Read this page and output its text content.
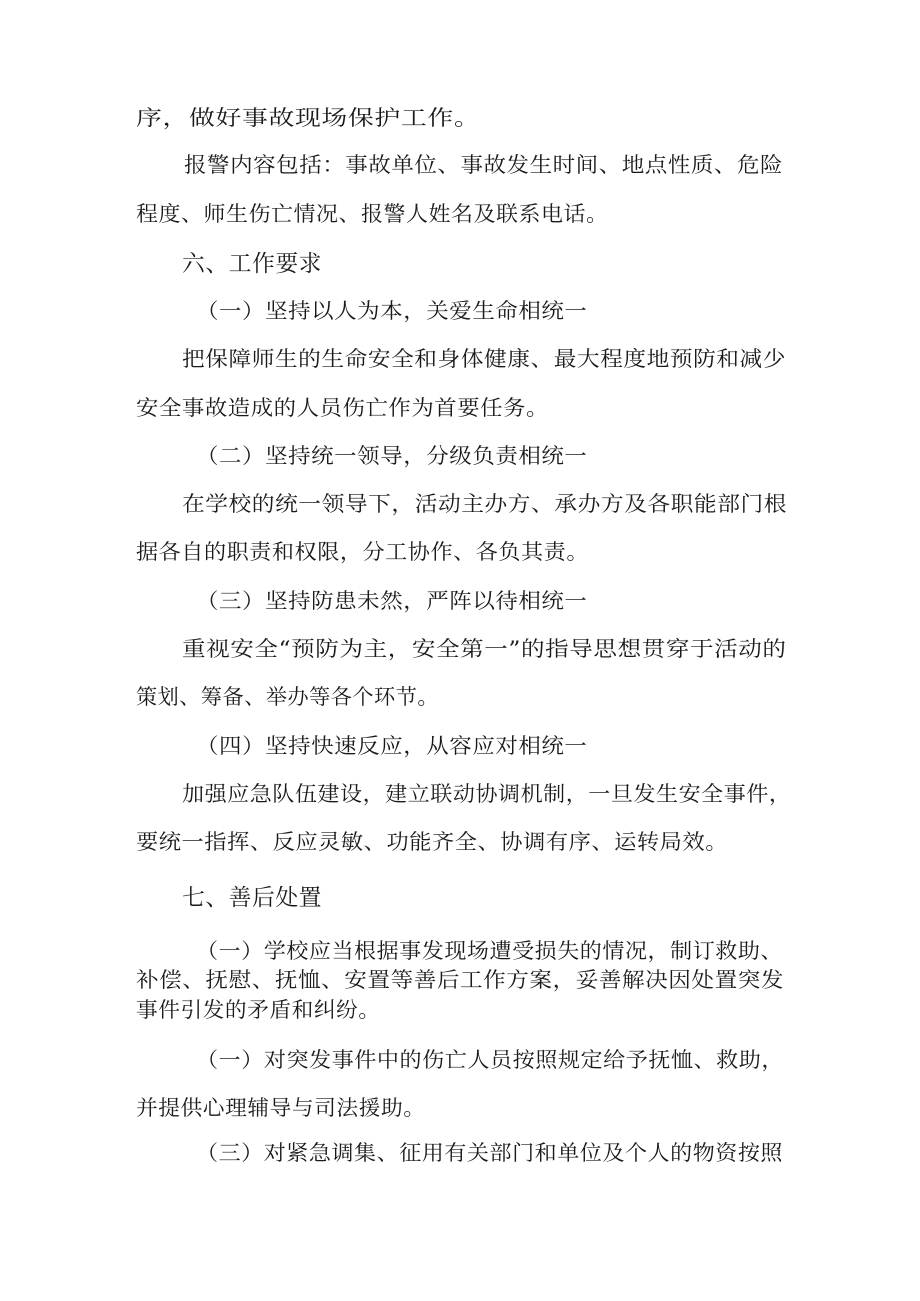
序，做好事故现场保护工作。
报警内容包括：事故单位、事故发生时间、地点性质、危险
程度、师生伤亡情况、报警人姓名及联系电话。
六、工作要求
（一）坚持以人为本，关爱生命相统一
把保障师生的生命安全和身体健康、最大程度地预防和减少
安全事故造成的人员伤亡作为首要任务。
（二）坚持统一领导，分级负责相统一
在学校的统一领导下，活动主办方、承办方及各职能部门根
据各自的职责和权限，分工协作、各负其责。
（三）坚持防患未然，严阵以待相统一
重视安全“预防为主，安全第一”的指导思想贯穿于活动的
策划、筹备、举办等各个环节。
（四）坚持快速反应，从容应对相统一
加强应急队伍建设，建立联动协调机制，一旦发生安全事件，
要统一指挥、反应灵敏、功能齐全、协调有序、运转局效。
七、善后处置
（一）学校应当根据事发现场遭受损失的情况，制订救助、
补偿、抚慰、抚恤、安置等善后工作方案，妥善解决因处置突发
事件引发的矛盾和纠纷。
（一）对突发事件中的伤亡人员按照规定给予抚恤、救助，
并提供心理辅导与司法援助。
（三）对紧急调集、征用有关部门和单位及个人的物资按照
